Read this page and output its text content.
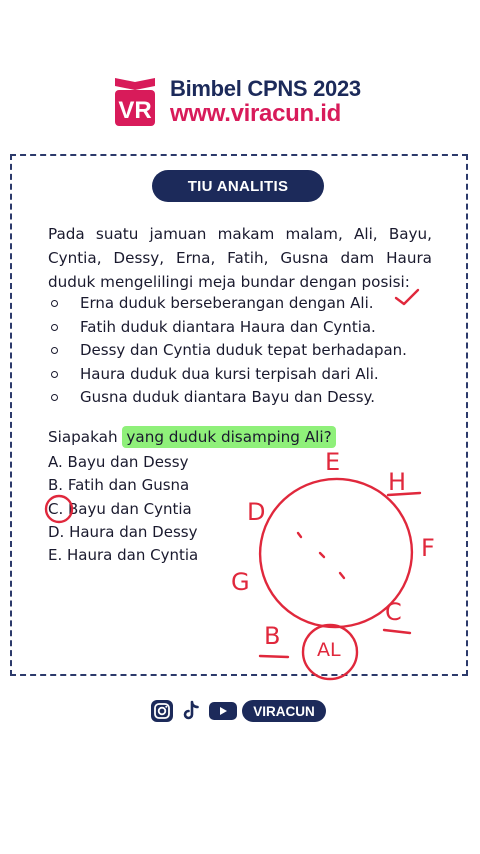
VR
Bimbel CPNS 2023
www.viracun.id
TIU ANALITIS
Pada suatu jamuan makam malam, Ali, Bayu, Cyntia, Dessy, Erna, Fatih, Gusna dam Haura duduk mengelilingi meja bundar dengan posisi:
Erna duduk berseberangan dengan Ali.
Fatih duduk diantara Haura dan Cyntia.
Dessy dan Cyntia duduk tepat berhadapan.
Haura duduk dua kursi terpisah dari Ali.
Gusna duduk diantara Bayu dan Dessy.
Siapakah yang duduk disamping Ali?
A. Bayu dan Dessy
B. Fatih dan Gusna
C. Bayu dan Cyntia
D. Haura dan Dessy
E. Haura dan Cyntia
E
H
F
C
AL
B
G
D
VIRACUN
